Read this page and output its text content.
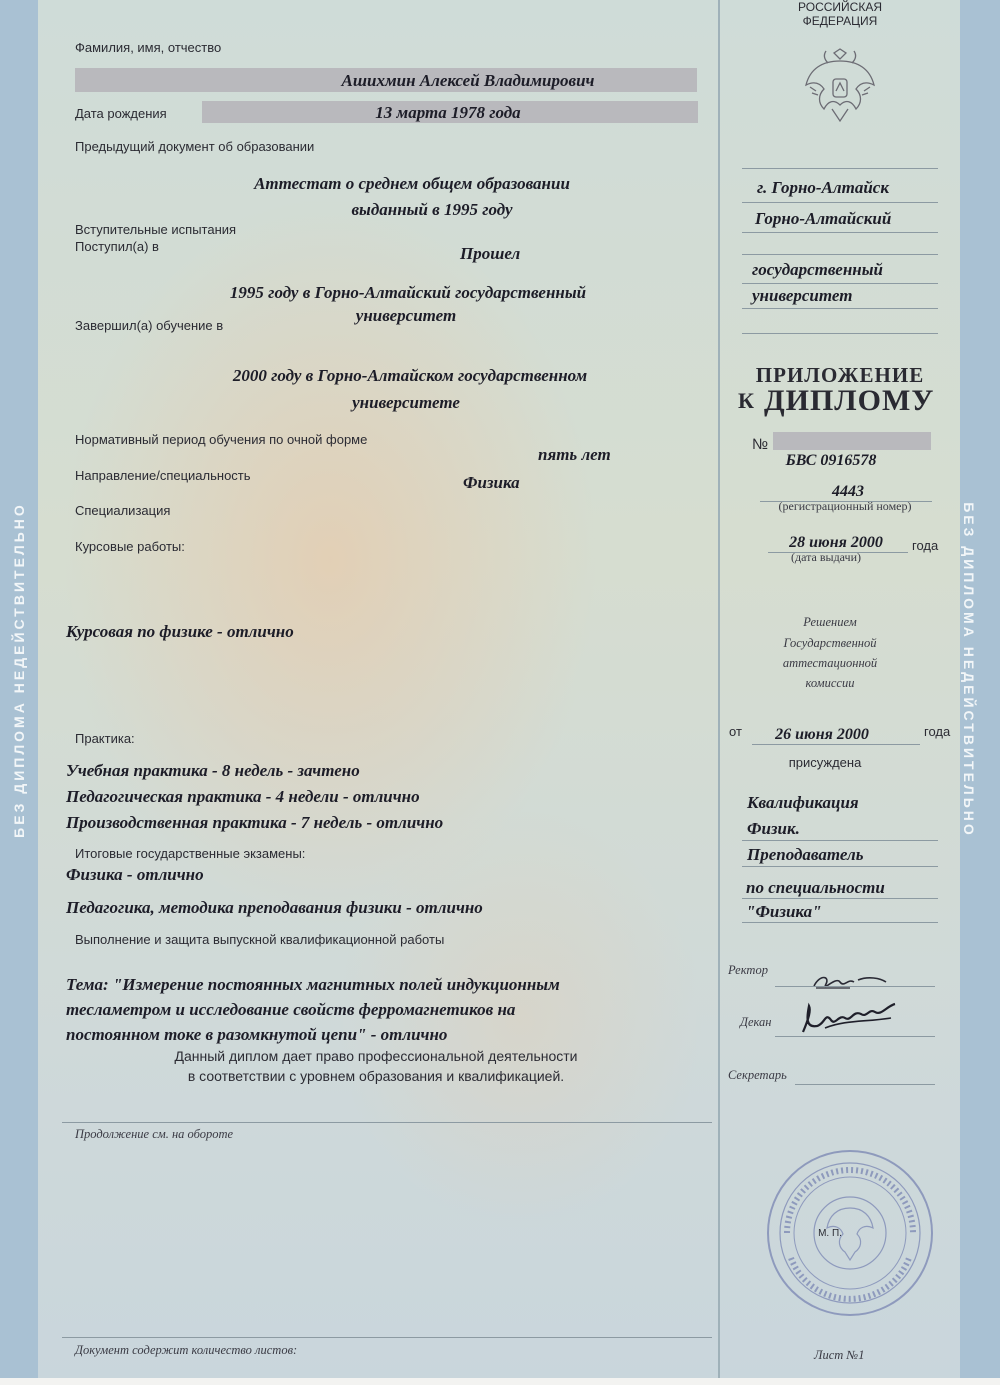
БЕЗ ДИПЛОМА НЕДЕЙСТВИТЕЛЬНО	БЕЗ ДИПЛОМА НЕДЕЙСТВИТЕЛЬНО
Фамилия, имя, отчество
Ашихмин Алексей Владимирович
Дата рождения	13 марта 1978 года
Предыдущий документ об образовании
Аттестат о среднем общем образовании
выданный в 1995 году
Вступительные испытания
Поступил(а) в	Прошел
1995 году в Горно-Алтайский государственный
университет
Завершил(а) обучение в
2000 году в Горно-Алтайском государственном
университете
Нормативный период обучения по очной форме
пять лет
Направление/специальность	Физика
Специализация
Курсовые работы:
Курсовая по физике - отлично
Практика:
Учебная практика - 8 недель - зачтено
Педагогическая практика - 4 недели - отлично
Производственная практика - 7 недель - отлично
Итоговые государственные экзамены:
Физика - отлично
Педагогика, методика преподавания физики - отлично
Выполнение и защита выпускной квалификационной работы
Тема: "Измерение постоянных магнитных полей индукционным
тесламетром и исследование свойств ферромагнетиков на
постоянном токе в разомкнутой цепи" - отлично
Данный диплом дает право профессиональной деятельности
в соответствии с уровнем образования и квалификацией.
Продолжение см. на обороте
Документ содержит количество листов:
РОССИЙСКАЯ
ФЕДЕРАЦИЯ
г. Горно-Алтайск
Горно-Алтайский
государственный
университет
ПРИЛОЖЕНИЕ
К ДИПЛОМУ
№
БВС 0916578
4443
(регистрационный номер)
28 июня 2000 года
(дата выдачи)
Решением
Государственной
аттестационной
комиссии
от 26 июня 2000	года
присуждена
Квалификация
Физик.
Преподаватель
по специальности
"Физика"
Ректор
Декан
Секретарь
М. П.
Лист №1
